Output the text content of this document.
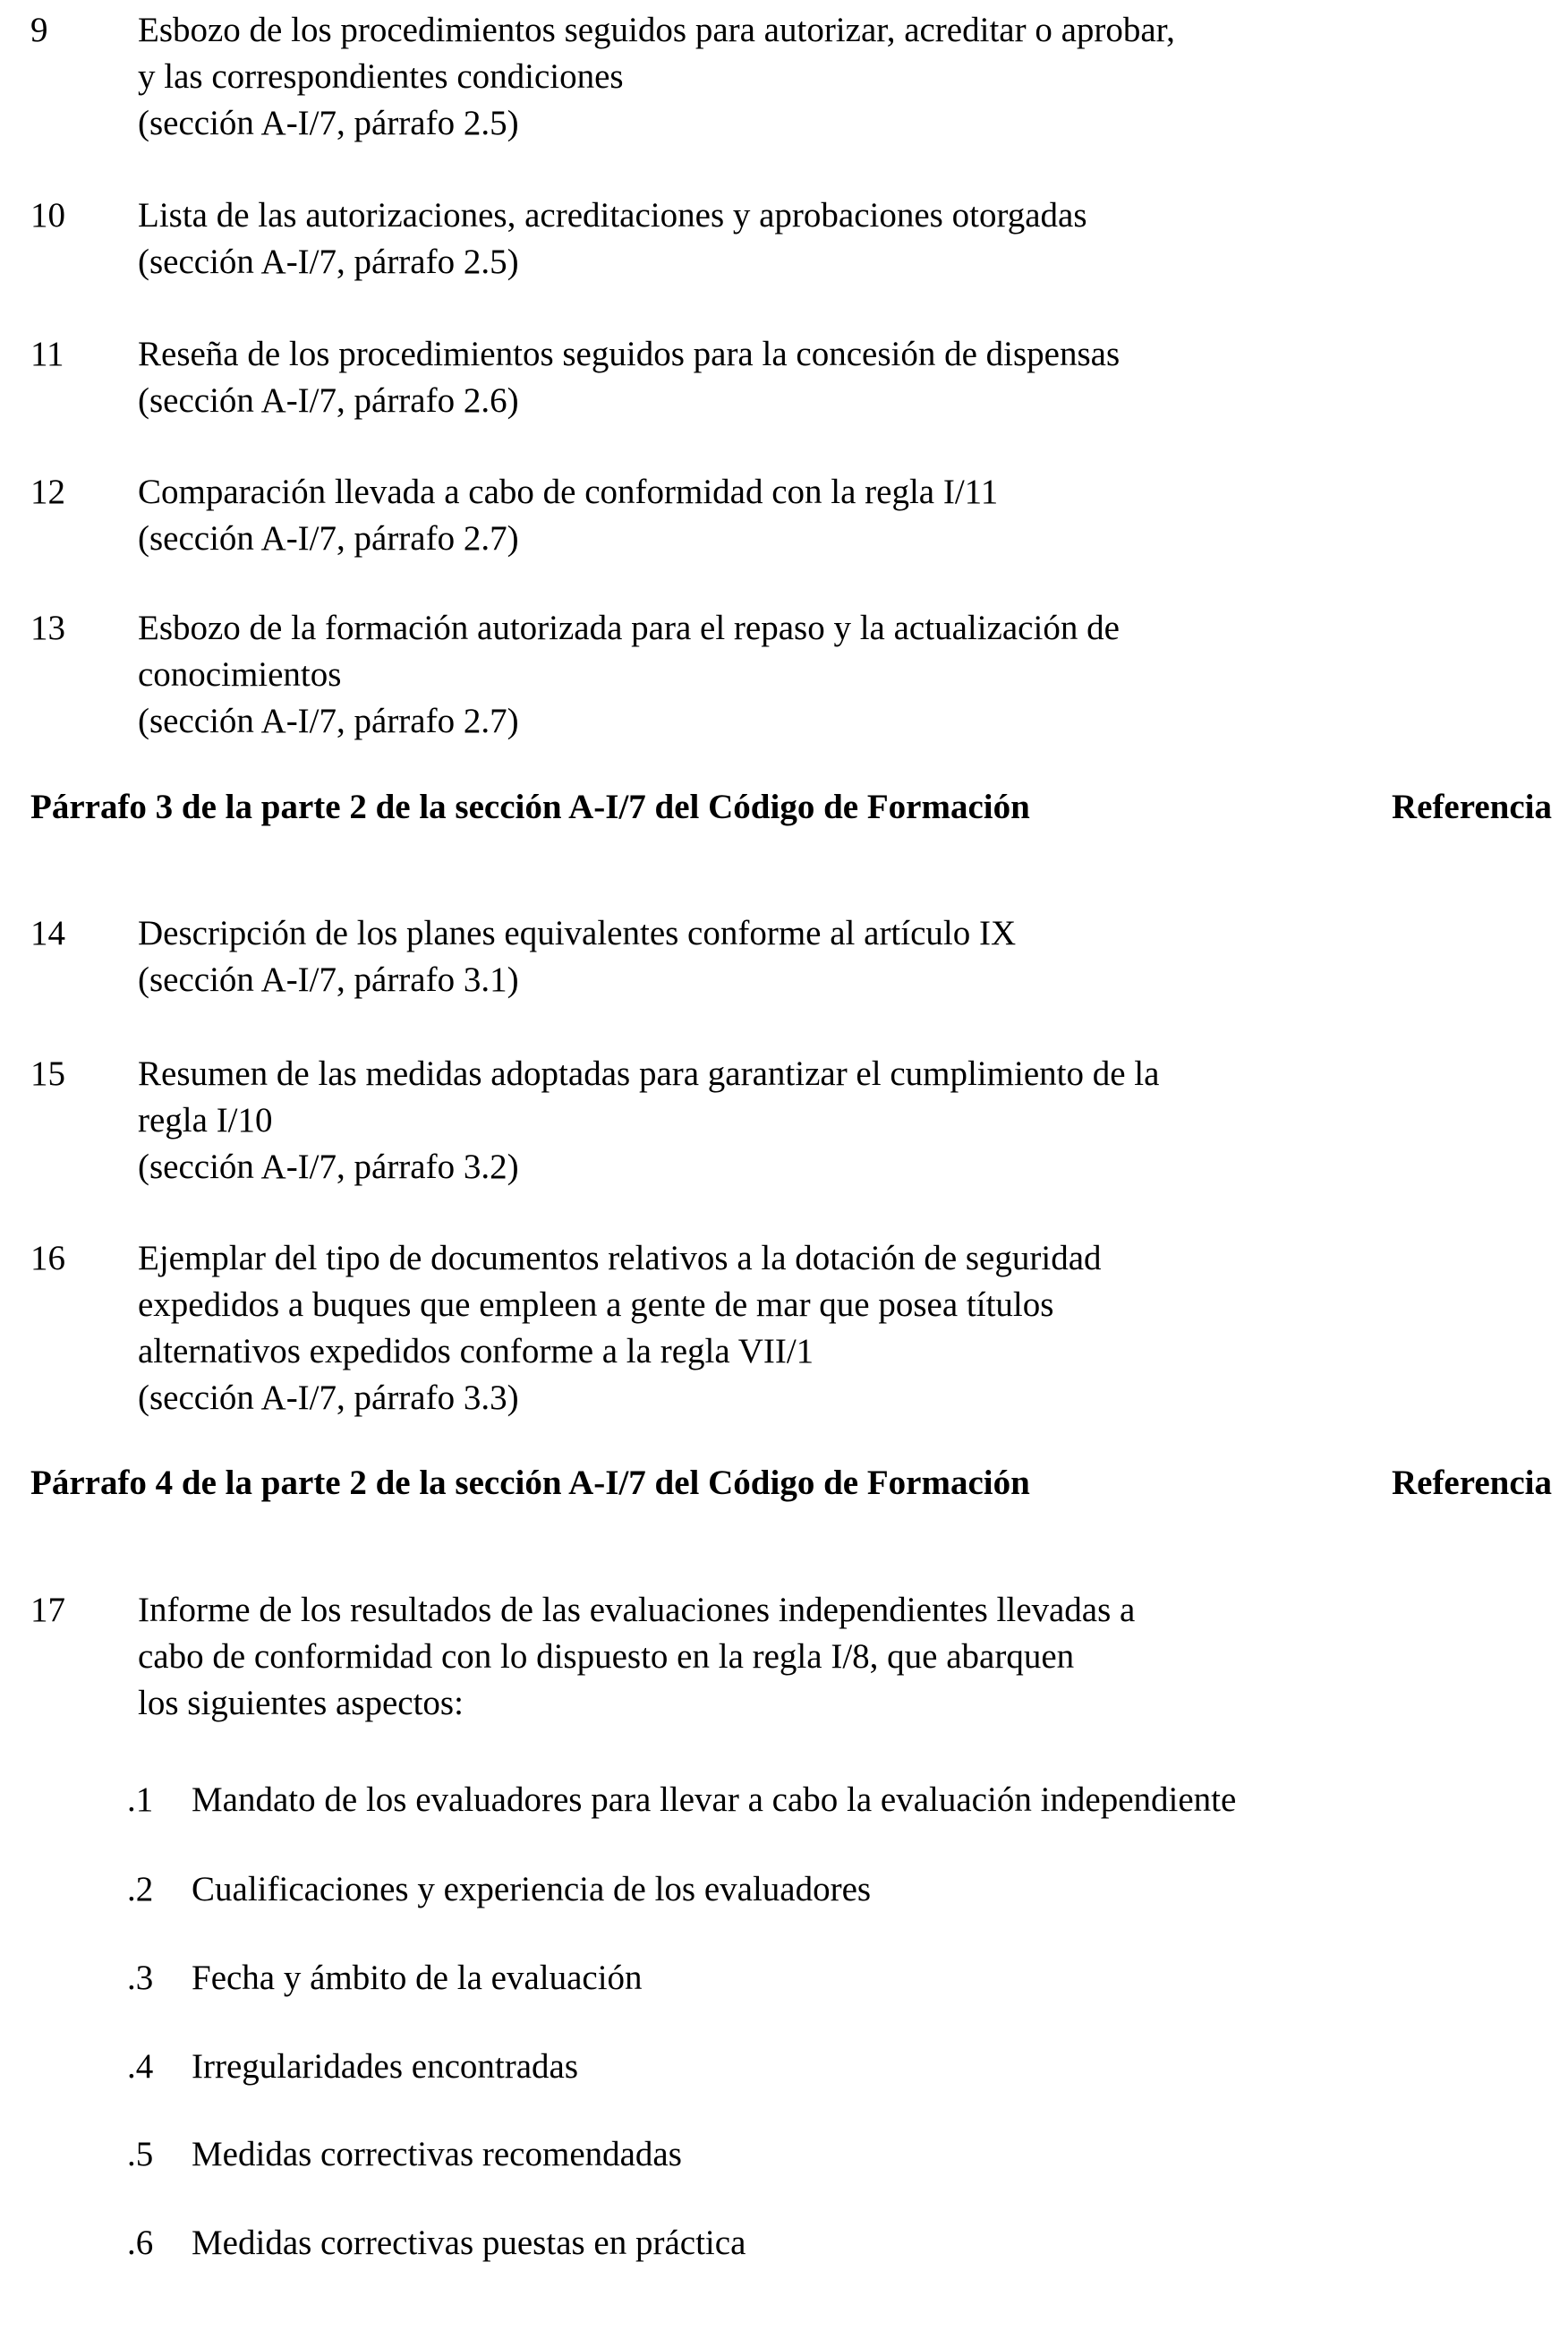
9	Esbozo de los procedimientos seguidos para autorizar, acreditar o aprobar,
y las correspondientes condiciones
(sección A-I/7, párrafo 2.5)
10 Lista de las autorizaciones, acreditaciones y aprobaciones otorgadas
(sección A-I/7, párrafo 2.5)
11 Reseña de los procedimientos seguidos para la concesión de dispensas
(sección A-I/7, párrafo 2.6)
12 Comparación llevada a cabo de conformidad con la regla I/11
(sección A-I/7, párrafo 2.7)
13 Esbozo de la formación autorizada para el repaso y la actualización de
conocimientos
(sección A-I/7, párrafo 2.7)
Párrafo 3 de la parte 2 de la sección A-I/7 del Código de Formación	Referencia
14 Descripción de los planes equivalentes conforme al artículo IX
(sección A-I/7, párrafo 3.1)
15 Resumen de las medidas adoptadas para garantizar el cumplimiento de la
regla I/10
(sección A-I/7, párrafo 3.2)
16 Ejemplar del tipo de documentos relativos a la dotación de seguridad
expedidos a buques que empleen a gente de mar que posea títulos
alternativos expedidos conforme a la regla VII/1
(sección A-I/7, párrafo 3.3)
Párrafo 4 de la parte 2 de la sección A-I/7 del Código de Formación	Referencia
17 Informe de los resultados de las evaluaciones independientes llevadas a
cabo de conformidad con lo dispuesto en la regla I/8, que abarquen
los siguientes aspectos:
.1 Mandato de los evaluadores para llevar a cabo la evaluación independiente
.2 Cualificaciones y experiencia de los evaluadores
.3 Fecha y ámbito de la evaluación
.4 Irregularidades encontradas
.5 Medidas correctivas recomendadas
.6 Medidas correctivas puestas en práctica
